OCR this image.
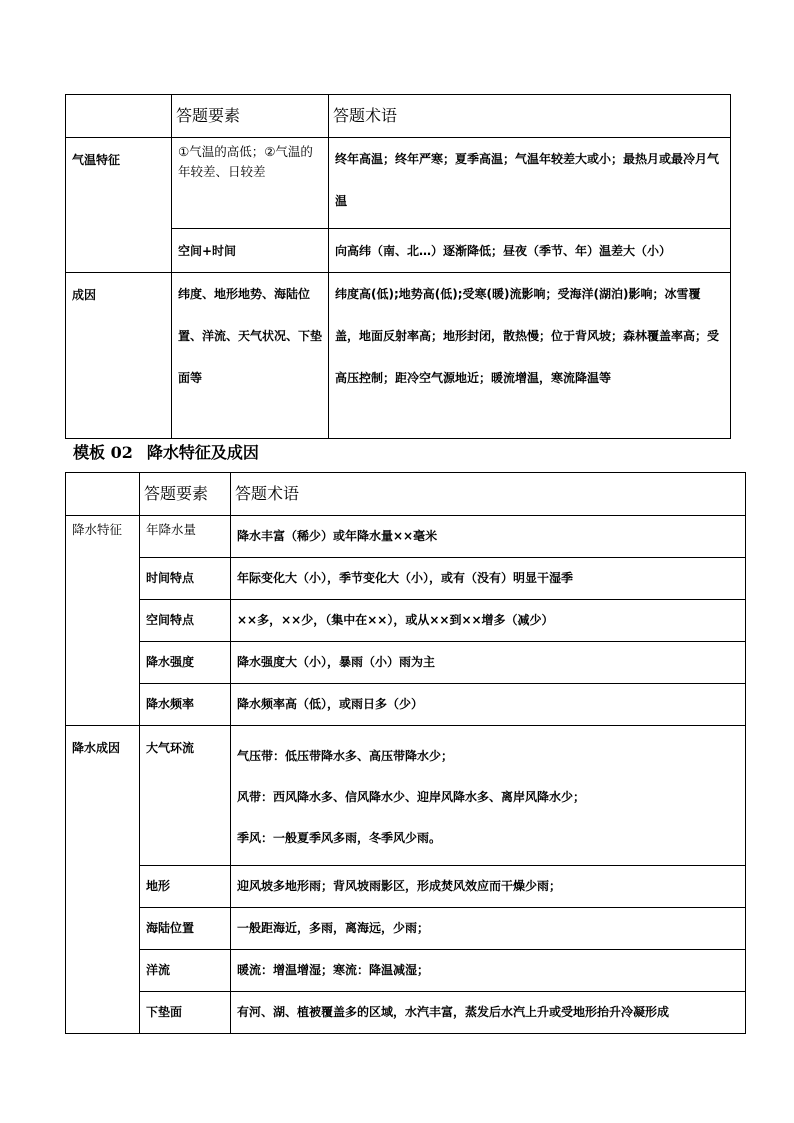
	答题要素	答题术语
气温特征	①气温的高低；②气温的年较差、日较差	终年高温；终年严寒；夏季高温；气温年较差大或小；最热月或最冷月气温
	空间+时间	向高纬（南、北…）逐渐降低；昼夜（季节、年）温差大（小）
成因	纬度、地形地势、海陆位置、洋流、天气状况、下垫面等	纬度高(低);地势高(低);受寒(暖)流影响；受海洋(湖泊)影响；冰雪覆盖，地面反射率高；地形封闭，散热慢；位于背风坡；森林覆盖率高；受高压控制；距冷空气源地近；暖流增温，寒流降温等
模板 02 降水特征及成因
	答题要素	答题术语
降水特征	年降水量	降水丰富（稀少）或年降水量××毫米
	时间特点	年际变化大（小），季节变化大（小），或有（没有）明显干湿季
	空间特点	××多，××少，（集中在××），或从××到××增多（减少）
	降水强度	降水强度大（小），暴雨（小）雨为主
	降水频率	降水频率高（低），或雨日多（少）
降水成因	大气环流	气压带：低压带降水多、高压带降水少；
风带：西风降水多、信风降水少、迎岸风降水多、离岸风降水少；
季风：一般夏季风多雨，冬季风少雨。

	地形	迎风坡多地形雨；背风坡雨影区，形成焚风效应而干燥少雨；
	海陆位置	一般距海近，多雨，离海远，少雨；
	洋流	暖流：增温增湿；寒流：降温减湿；
	下垫面	有河、湖、植被覆盖多的区域，水汽丰富，蒸发后水汽上升或受地形抬升冷凝形成
